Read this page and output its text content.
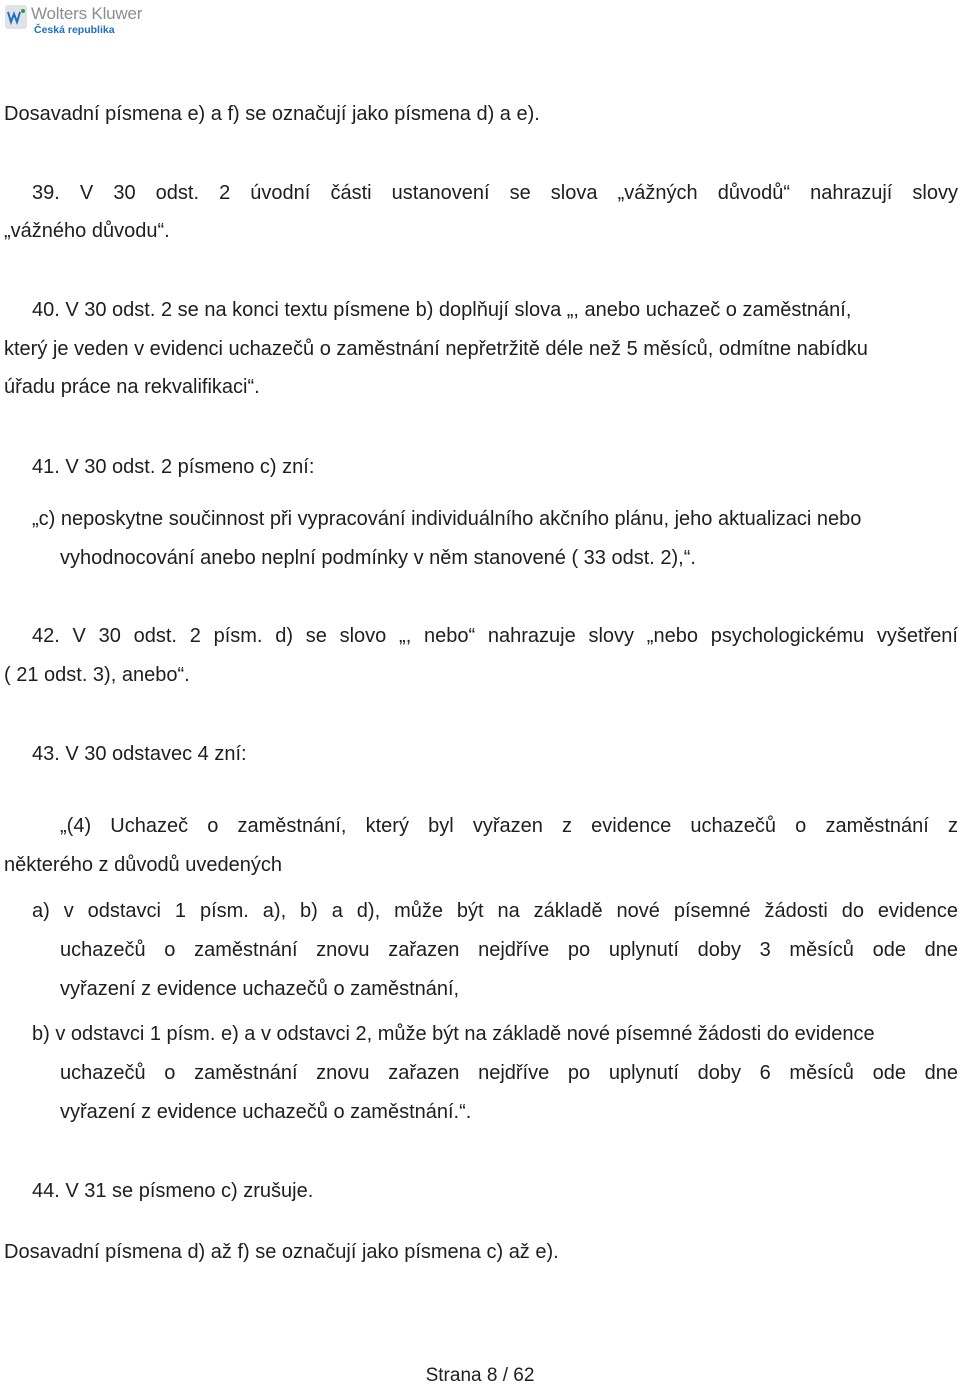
Wolters Kluwer
Česká republika
Dosavadní písmena e) a f) se označují jako písmena d) a e).
39. V 30 odst. 2 úvodní části ustanovení se slova „vážných důvodů“ nahrazují slovy
„vážného důvodu“.
40. V 30 odst. 2 se na konci textu písmene b) doplňují slova „, anebo uchazeč o zaměstnání,
který je veden v evidenci uchazečů o zaměstnání nepřetržitě déle než 5 měsíců, odmítne nabídku
úřadu práce na rekvalifikaci“.
41. V 30 odst. 2 písmeno c) zní:
„c) neposkytne součinnost při vypracování individuálního akčního plánu, jeho aktualizaci nebo
vyhodnocování anebo neplní podmínky v něm stanovené ( 33 odst. 2),“.
42. V 30 odst. 2 písm. d) se slovo „, nebo“ nahrazuje slovy „nebo psychologickému vyšetření
( 21 odst. 3), anebo“.
43. V 30 odstavec 4 zní:
„(4) Uchazeč o zaměstnání, který byl vyřazen z evidence uchazečů o zaměstnání z
některého z důvodů uvedených
a) v odstavci 1 písm. a), b) a d), může být na základě nové písemné žádosti do evidence
uchazečů o zaměstnání znovu zařazen nejdříve po uplynutí doby 3 měsíců ode dne
vyřazení z evidence uchazečů o zaměstnání,
b) v odstavci 1 písm. e) a v odstavci 2, může být na základě nové písemné žádosti do evidence
uchazečů o zaměstnání znovu zařazen nejdříve po uplynutí doby 6 měsíců ode dne
vyřazení z evidence uchazečů o zaměstnání.“.
44. V 31 se písmeno c) zrušuje.
Dosavadní písmena d) až f) se označují jako písmena c) až e).
Strana 8 / 62
